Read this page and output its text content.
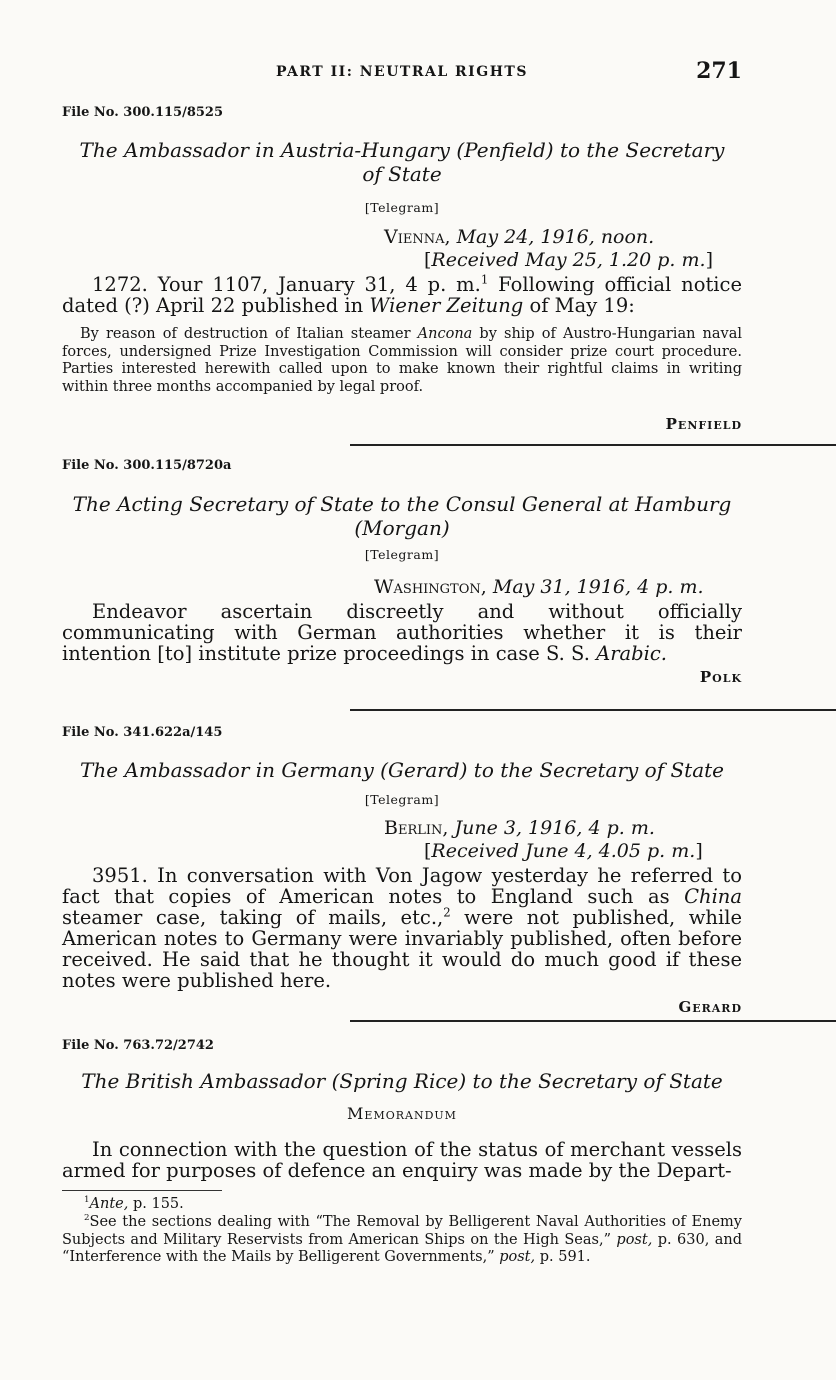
PART II: NEUTRAL RIGHTS	271

File No. 300.115/8525

The Ambassador in Austria-Hungary (Penfield) to the Secretary
of State

[Telegram]

Vienna, May 24, 1916, noon.

[Received May 25, 1.20 p. m.]

1272. Your 1107, January 31, 4 p. m.$^1$ Following official notice dated (?) April 22 published in Wiener Zeitung of May 19:

By reason of destruction of Italian steamer Ancona by ship of Austro-Hungarian naval forces, undersigned Prize Investigation Commission will consider prize court procedure. Parties interested herewith called upon to make known their rightful claims in writing within three months accompanied by legal proof.

Penfield

File No. 300.115/8720a

The Acting Secretary of State to the Consul General at Hamburg
(Morgan)

[Telegram]

Washington, May 31, 1916, 4 p. m.

Endeavor ascertain discreetly and without officially communicating with German authorities whether it is their intention [to] institute prize proceedings in case S. S. Arabic.

Polk

File No. 341.622a/145

The Ambassador in Germany (Gerard) to the Secretary of State

[Telegram]

Berlin, June 3, 1916, 4 p. m.

[Received June 4, 4.05 p. m.]

3951. In conversation with Von Jagow yesterday he referred to fact that copies of American notes to England such as China steamer case, taking of mails, etc.,$^2$ were not published, while American notes to Germany were invariably published, often before received. He said that he thought it would do much good if these notes were published here.

Gerard

File No. 763.72/2742

The British Ambassador (Spring Rice) to the Secretary of State

Memorandum

In connection with the question of the status of merchant vessels armed for purposes of defence an enquiry was made by the Depart-

$^1$Ante, p. 155.

$^2$See the sections dealing with “The Removal by Belligerent Naval Authorities of Enemy Subjects and Military Reservists from American Ships on the High Seas,” post, p. 630, and “Interference with the Mails by Belligerent Governments,” post, p. 591.
